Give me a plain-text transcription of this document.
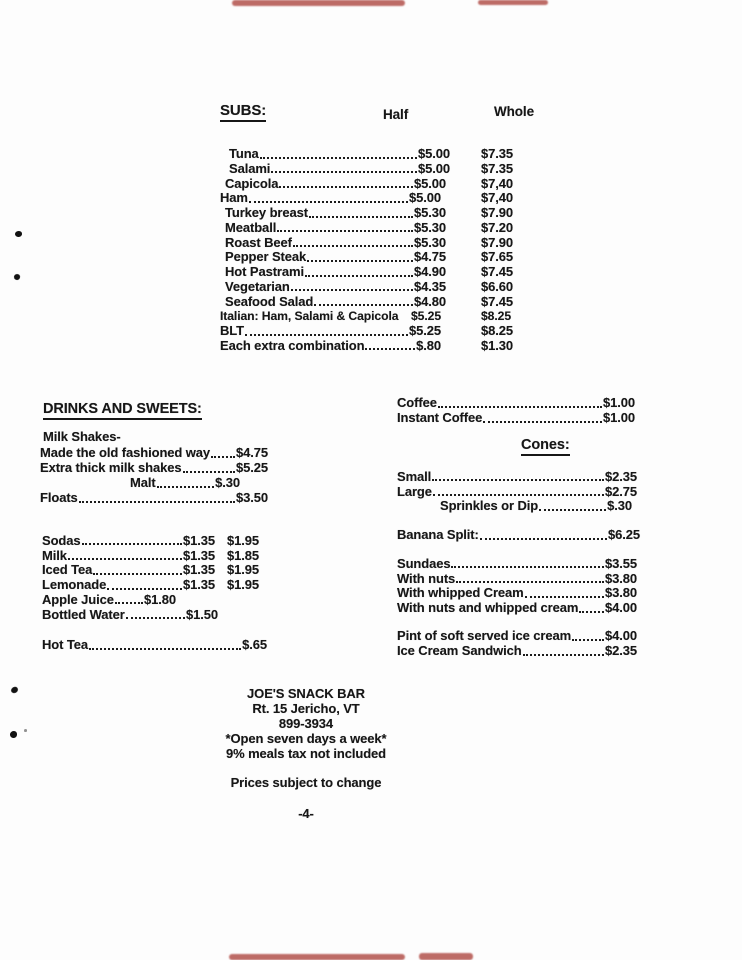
SUBS:	Half	Whole
Tuna	$5.00 $7.35
Salami	$5.00 $7.35
Capicola	$5.00	$7,40
Ham	$5.00	$7,40
Turkey breast	$5.30	$7.90
Meatball	$5.30	$7.20
Roast Beef	$5.30	$7.90
Pepper Steak	$4.75	$7.65
Hot Pastrami	$4.90	$7.45
Vegetarian	$4.35	$6.60
Seafood Salad	$4.80	$7.45
Italian: Ham, Salami & Capicola $5.25	$8.25
BLT	$5.25	$8.25
Each extra combination	$.80	$1.30
DRINKS AND SWEETS:
Milk Shakes-
Made the old fashioned way $4.75
Extra thick milk shakes	$5.25
Malt	$.30
Floats	$3.50
Sodas	$1.35 $1.95
Milk	$1.35 $1.85
Iced Tea	$1.35 $1.95
Lemonade	$1.35 $1.95
Apple Juice $1.80
Bottled Water	$1.50
Hot Tea	$.65
Coffee	$1.00
Instant Coffee	$1.00
Cones:
Small	$2.35
Large	$2.75
Sprinkles or Dip	$.30
Banana Split:	$6.25
Sundaes	$3.55
With nuts	$3.80
With whipped Cream	$3.80
With nuts and whipped cream $4.00
Pint of soft served ice cream	$4.00
Ice Cream Sandwich	$2.35
JOE'S SNACK BAR
Rt. 15 Jericho, VT
899-3934
*Open seven days a week*
9% meals tax not included
Prices subject to change
-4-
